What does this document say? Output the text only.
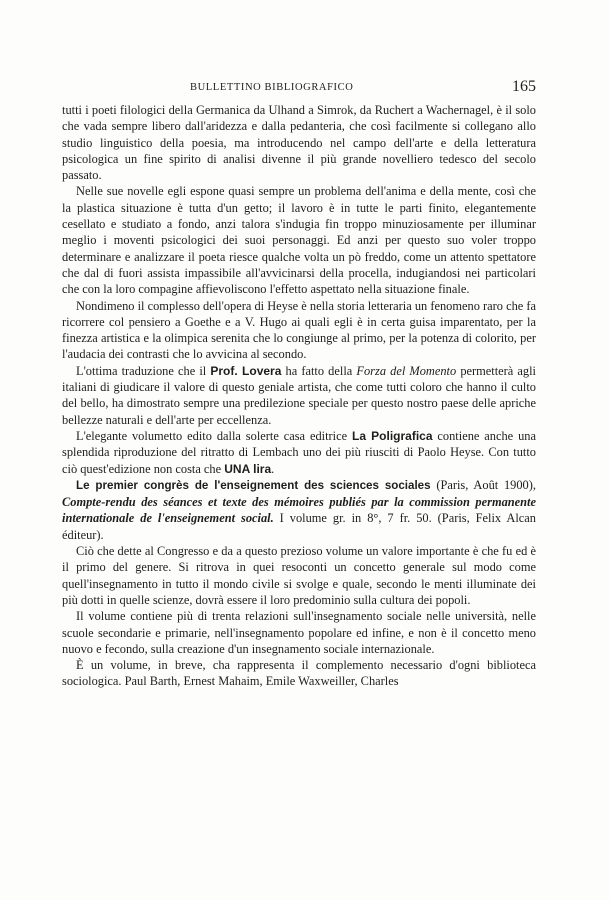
BULLETTINO BIBLIOGRAFICO	165

tutti i poeti filologici della Germanica da Ulhand a Simrok, da Ruchert a Wachernagel, è il solo che vada sempre libero dall'aridezza e dalla pedanteria, che così facilmente si collegano allo studio linguistico della poesia, ma introducendo nel campo dell'arte e della letteratura psicologica un fine spirito di analisi divenne il più grande novelliero tedesco del secolo passato.

Nelle sue novelle egli espone quasi sempre un problema dell'anima e della mente, così che la plastica situazione è tutta d'un getto; il lavoro è in tutte le parti finito, elegantemente cesellato e studiato a fondo, anzi talora s'indugia fin troppo minuziosamente per illuminar meglio i moventi psicologici dei suoi personaggi. Ed anzi per questo suo voler troppo determinare e analizzare il poeta riesce qualche volta un pò freddo, come un attento spettatore che dal di fuori assista impassibile all'avvicinarsi della procella, indugiandosi nei particolari che con la loro compagine affievoliscono l'effetto aspettato nella situazione finale.

Nondimeno il complesso dell'opera di Heyse è nella storia letteraria un fenomeno raro che fa ricorrere col pensiero a Goethe e a V. Hugo ai quali egli è in certa guisa imparentato, per la finezza artistica e la olimpica serenita che lo congiunge al primo, per la potenza di colorito, per l'audacia dei contrasti che lo avvicina al secondo.

L'ottima traduzione che il Prof. Lovera ha fatto della Forza del Momento permetterà agli italiani di giudicare il valore di questo geniale artista, che come tutti coloro che hanno il culto del bello, ha dimostrato sempre una predilezione speciale per questo nostro paese delle apriche bellezze naturali e dell'arte per eccellenza.

L'elegante volumetto edito dalla solerte casa editrice La Poligrafica contiene anche una splendida riproduzione del ritratto di Lembach uno dei più riusciti di Paolo Heyse. Con tutto ciò quest'edizione non costa che UNA lira.

Le premier congrès de l'enseignement des sciences sociales (Paris, Août 1900), Compte-rendu des séances et texte des mémoires publiés par la commission permanente internationale de l'enseignement social. I volume gr. in 8°, 7 fr. 50. (Paris, Felix Alcan éditeur).

Ciò che dette al Congresso e da a questo prezioso volume un valore importante è che fu ed è il primo del genere. Si ritrova in quei resoconti un concetto generale sul modo come quell'insegnamento in tutto il mondo civile si svolge e quale, secondo le menti illuminate dei più dotti in quelle scienze, dovrà essere il loro predominio sulla cultura dei popoli.

Il volume contiene più di trenta relazioni sull'insegnamento sociale nelle università, nelle scuole secondarie e primarie, nell'insegnamento popolare ed infine, e non è il concetto meno nuovo e fecondo, sulla creazione d'un insegnamento sociale internazionale.

È un volume, in breve, cha rappresenta il complemento necessario d'ogni biblioteca sociologica. Paul Barth, Ernest Mahaim, Emile Waxweiller, Charles
